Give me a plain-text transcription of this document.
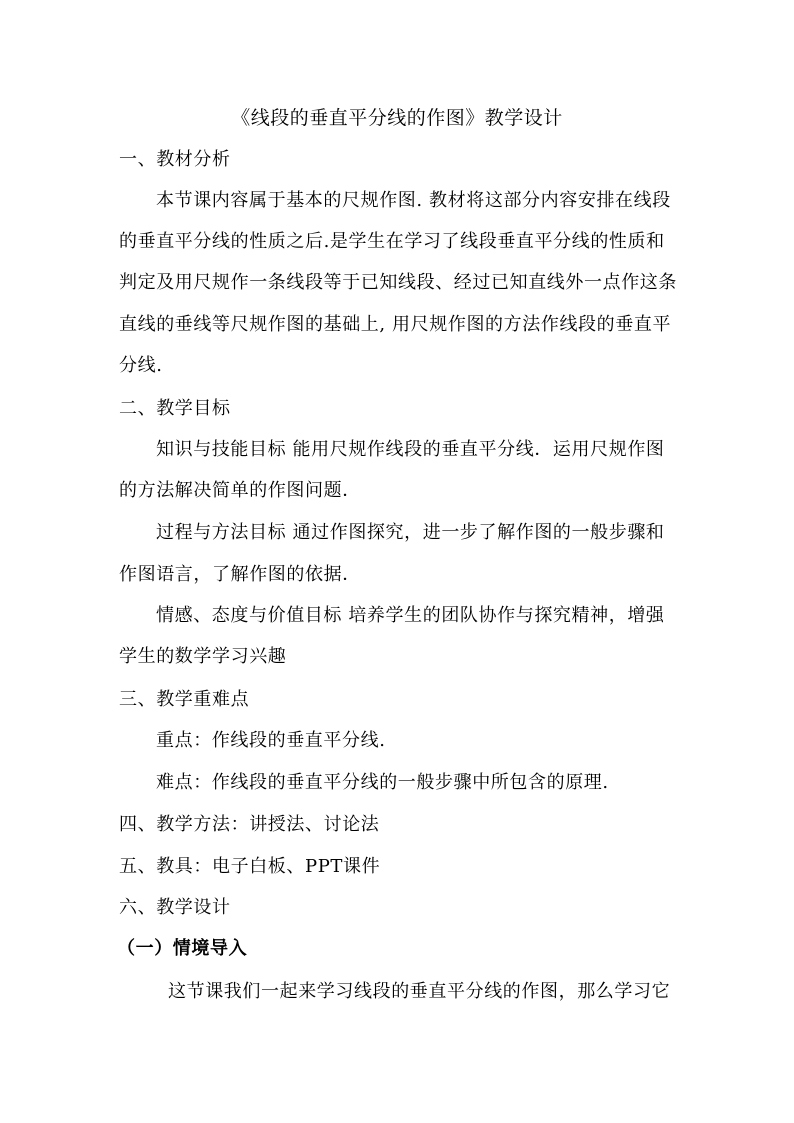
《线段的垂直平分线的作图》教学设计
一、教材分析
本节课内容属于基本的尺规作图. 教材将这部分内容安排在线段
的垂直平分线的性质之后.是学生在学习了线段垂直平分线的性质和
判定及用尺规作一条线段等于已知线段、经过已知直线外一点作这条
直线的垂线等尺规作图的基础上, 用尺规作图的方法作线段的垂直平
分线.
二、教学目标
知识与技能目标 能用尺规作线段的垂直平分线．运用尺规作图
的方法解决简单的作图问题．
过程与方法目标 通过作图探究，进一步了解作图的一般步骤和
作图语言，了解作图的依据．
情感、态度与价值目标 培养学生的团队协作与探究精神，增强
学生的数学学习兴趣
三、教学重难点
重点：作线段的垂直平分线.
难点：作线段的垂直平分线的一般步骤中所包含的原理.
四、教学方法：讲授法、讨论法
五、教具：电子白板、PPT课件
六、教学设计
（一）情境导入
这节课我们一起来学习线段的垂直平分线的作图，那么学习它
